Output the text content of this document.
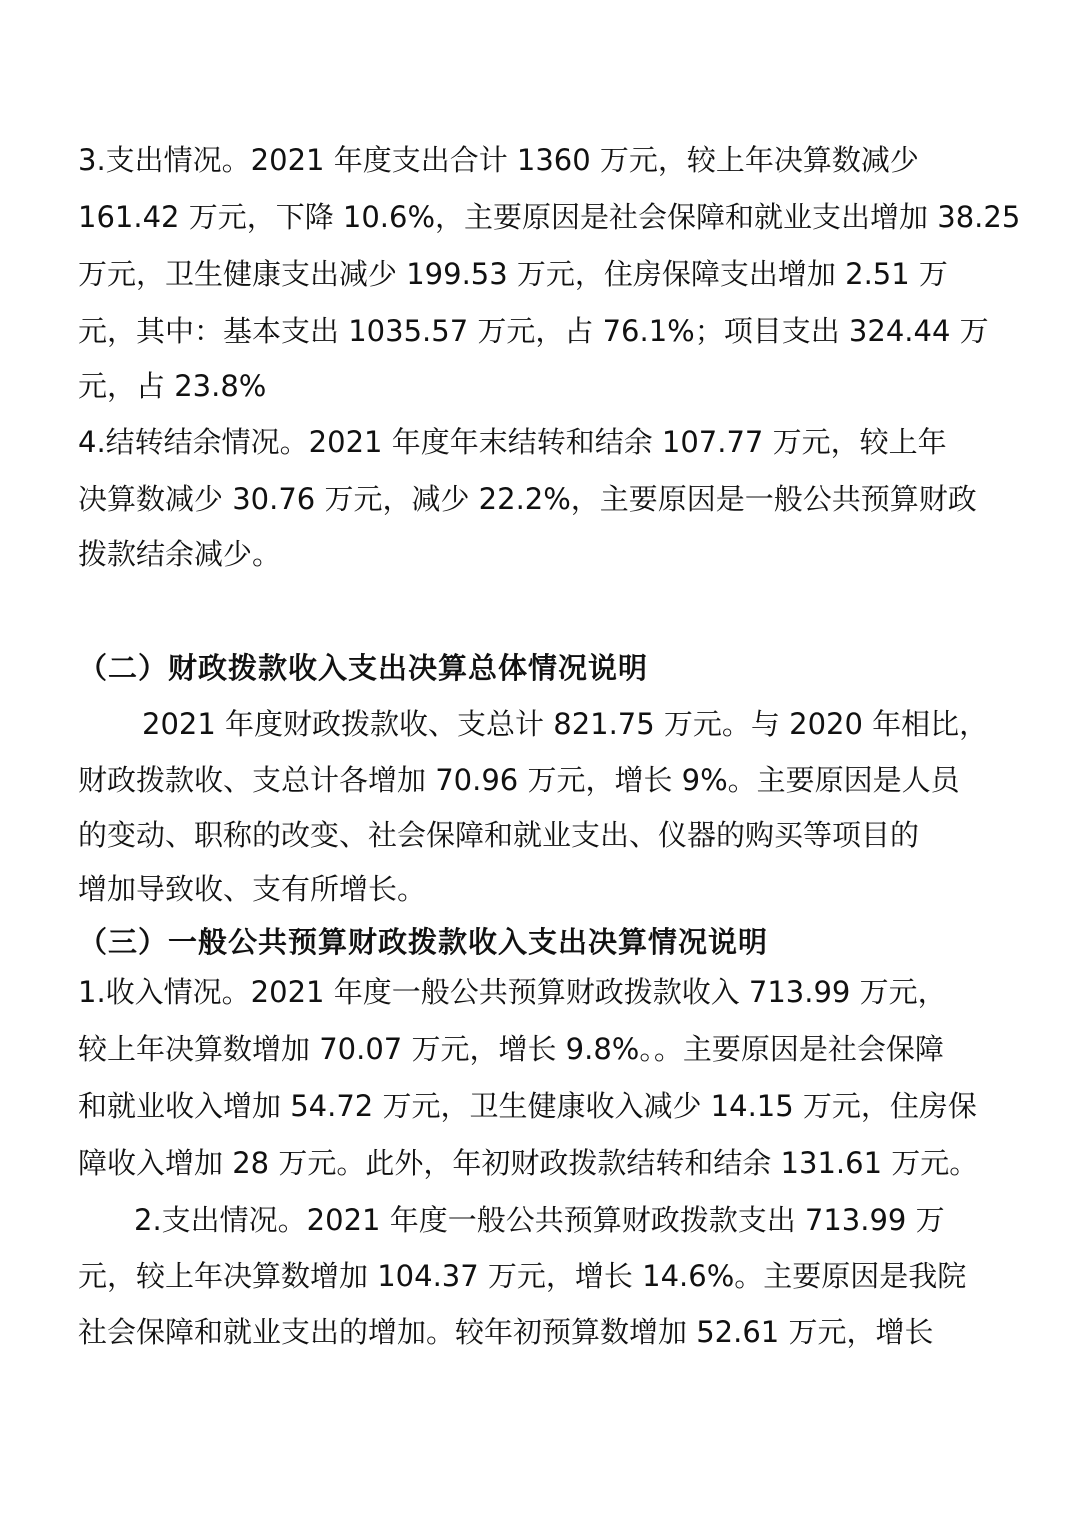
3.支出情况。2021 年度支出合计 1360 万元，较上年决算数减少
161.42 万元，下降 10.6%，主要原因是社会保障和就业支出增加 38.25
万元，卫生健康支出减少 199.53 万元，住房保障支出增加 2.51 万
元，其中：基本支出 1035.57 万元，占 76.1%；项目支出 324.44 万
元，占 23.8%
4.结转结余情况。2021 年度年末结转和结余 107.77 万元，较上年
决算数减少 30.76 万元，减少 22.2%，主要原因是一般公共预算财政
拨款结余减少。
（二）财政拨款收入支出决算总体情况说明
2021 年度财政拨款收、支总计 821.75 万元。与 2020 年相比，
财政拨款收、支总计各增加 70.96 万元，增长 9%。主要原因是人员
的变动、职称的改变、社会保障和就业支出、仪器的购买等项目的
增加导致收、支有所增长。
（三）一般公共预算财政拨款收入支出决算情况说明
1.收入情况。2021 年度一般公共预算财政拨款收入 713.99 万元，
较上年决算数增加 70.07 万元，增长 9.8%。。主要原因是社会保障
和就业收入增加 54.72 万元，卫生健康收入减少 14.15 万元，住房保
障收入增加 28 万元。此外，年初财政拨款结转和结余 131.61 万元。
2.支出情况。2021 年度一般公共预算财政拨款支出 713.99 万
元，较上年决算数增加 104.37 万元，增长 14.6%。主要原因是我院
社会保障和就业支出的增加。较年初预算数增加 52.61 万元，增长
